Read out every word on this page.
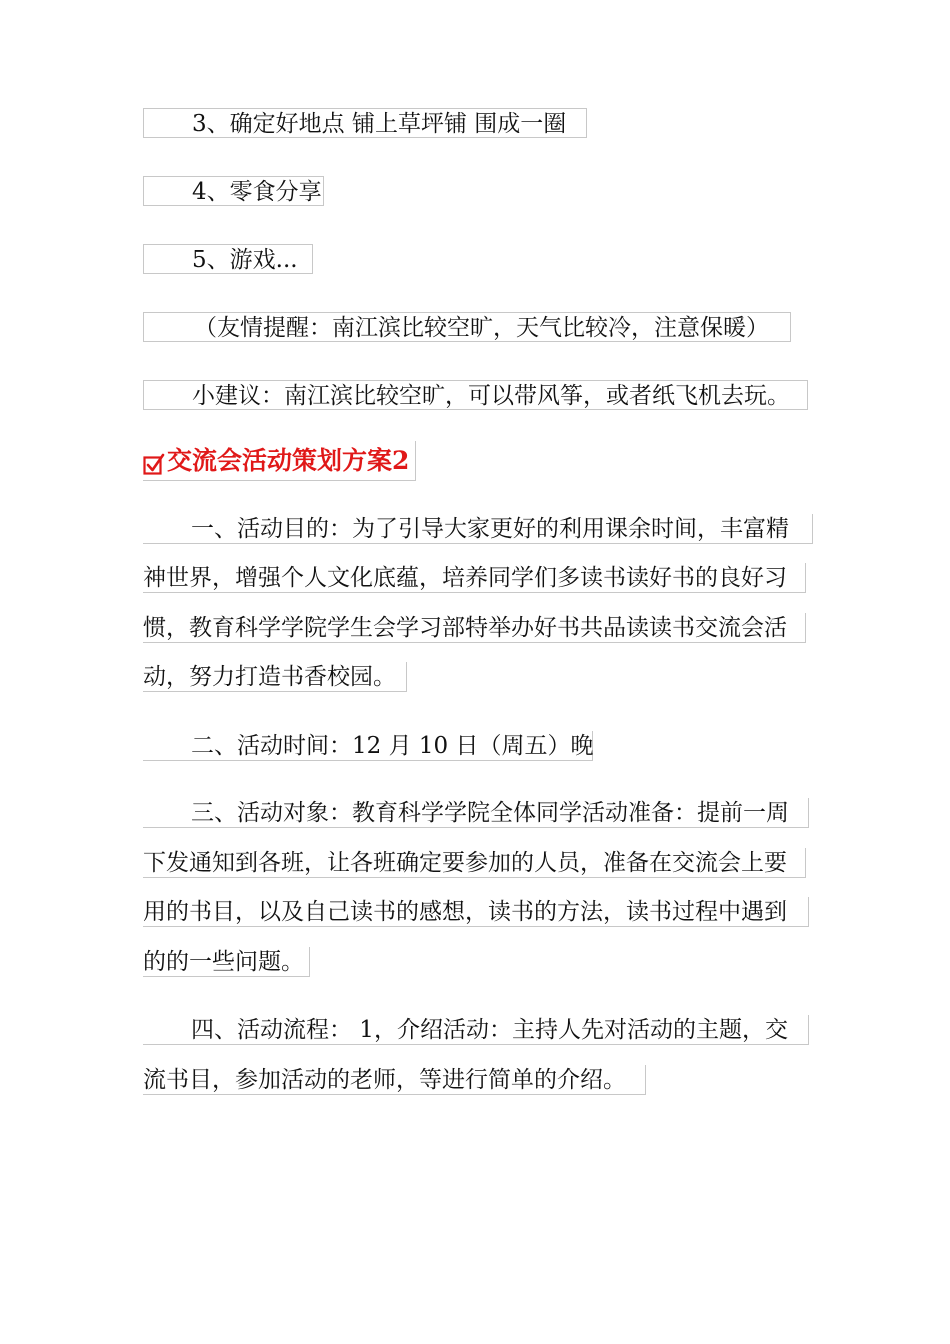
3、确定好地点 铺上草坪铺 围成一圈
4、零食分享
5、游戏...
（友情提醒：南江滨比较空旷，天气比较冷，注意保暖）
小建议：南江滨比较空旷，可以带风筝，或者纸飞机去玩。
交流会活动策划方案2
一、活动目的：为了引导大家更好的利用课余时间，丰富精
神世界，增强个人文化底蕴，培养同学们多读书读好书的良好习
惯，教育科学学院学生会学习部特举办好书共品读读书交流会活
动，努力打造书香校园。
二、活动时间：12 月 10 日（周五）晚
三、活动对象：教育科学学院全体同学活动准备：提前一周
下发通知到各班，让各班确定要参加的人员，准备在交流会上要
用的书目，以及自己读书的感想，读书的方法，读书过程中遇到
的的一些问题。
四、活动流程： 1，介绍活动：主持人先对活动的主题，交
流书目，参加活动的老师，等进行简单的介绍。
